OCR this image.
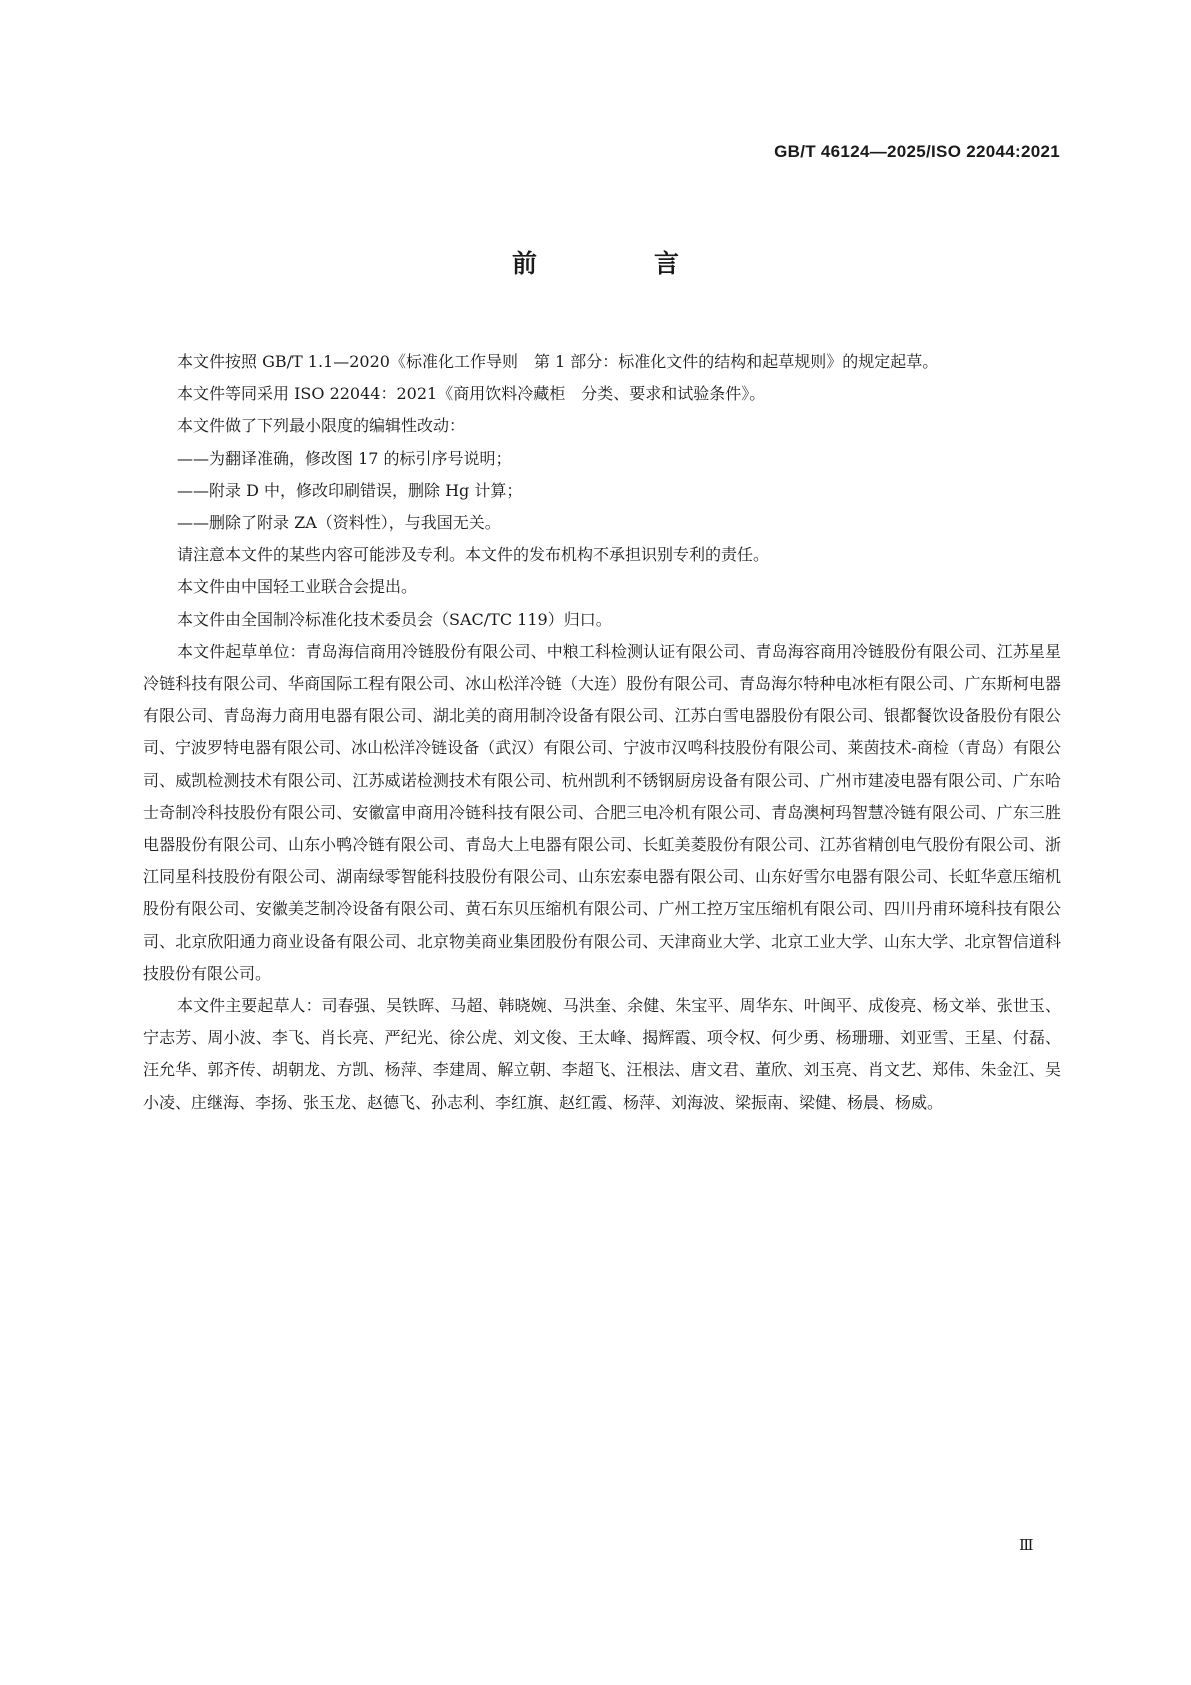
GB/T 46124—2025/ISO 22044:2021
前　言

本文件按照 GB/T 1.1—2020《标准化工作导则　第 1 部分：标准化文件的结构和起草规则》的规定起草。

本文件等同采用 ISO 22044：2021《商用饮料冷藏柜　分类、要求和试验条件》。

本文件做了下列最小限度的编辑性改动：

——为翻译准确，修改图 17 的标引序号说明；

——附录 D 中，修改印刷错误，删除 Hg 计算；

——删除了附录 ZA（资料性），与我国无关。

请注意本文件的某些内容可能涉及专利。本文件的发布机构不承担识别专利的责任。

本文件由中国轻工业联合会提出。

本文件由全国制冷标准化技术委员会（SAC/TC 119）归口。

本文件起草单位：青岛海信商用冷链股份有限公司、中粮工科检测认证有限公司、青岛海容商用冷链股份有限公司、江苏星星冷链科技有限公司、华商国际工程有限公司、冰山松洋冷链（大连）股份有限公司、青岛海尔特种电冰柜有限公司、广东斯柯电器有限公司、青岛海力商用电器有限公司、湖北美的商用制冷设备有限公司、江苏白雪电器股份有限公司、银都餐饮设备股份有限公司、宁波罗特电器有限公司、冰山松洋冷链设备（武汉）有限公司、宁波市汉鸣科技股份有限公司、莱茵技术-商检（青岛）有限公司、威凯检测技术有限公司、江苏威诺检测技术有限公司、杭州凯利不锈钢厨房设备有限公司、广州市建凌电器有限公司、广东哈士奇制冷科技股份有限公司、安徽富申商用冷链科技有限公司、合肥三电冷机有限公司、青岛澳柯玛智慧冷链有限公司、广东三胜电器股份有限公司、山东小鸭冷链有限公司、青岛大上电器有限公司、长虹美菱股份有限公司、江苏省精创电气股份有限公司、浙江同星科技股份有限公司、湖南绿零智能科技股份有限公司、山东宏泰电器有限公司、山东好雪尔电器有限公司、长虹华意压缩机股份有限公司、安徽美芝制冷设备有限公司、黄石东贝压缩机有限公司、广州工控万宝压缩机有限公司、四川丹甫环境科技有限公司、北京欣阳通力商业设备有限公司、北京物美商业集团股份有限公司、天津商业大学、北京工业大学、山东大学、北京智信道科技股份有限公司。

本文件主要起草人：司春强、吴铁晖、马超、韩晓婉、马洪奎、余健、朱宝平、周华东、叶闽平、成俊亮、杨文举、张世玉、宁志芳、周小波、李飞、肖长亮、严纪光、徐公虎、刘文俊、王太峰、揭辉霞、项令权、何少勇、杨珊珊、刘亚雪、王星、付磊、汪允华、郭齐传、胡朝龙、方凯、杨萍、李建周、解立朝、李超飞、汪根法、唐文君、董欣、刘玉亮、肖文艺、郑伟、朱金江、吴小凌、庄继海、李扬、张玉龙、赵德飞、孙志利、李红旗、赵红霞、杨萍、刘海波、梁振南、梁健、杨晨、杨威。

Ⅲ
